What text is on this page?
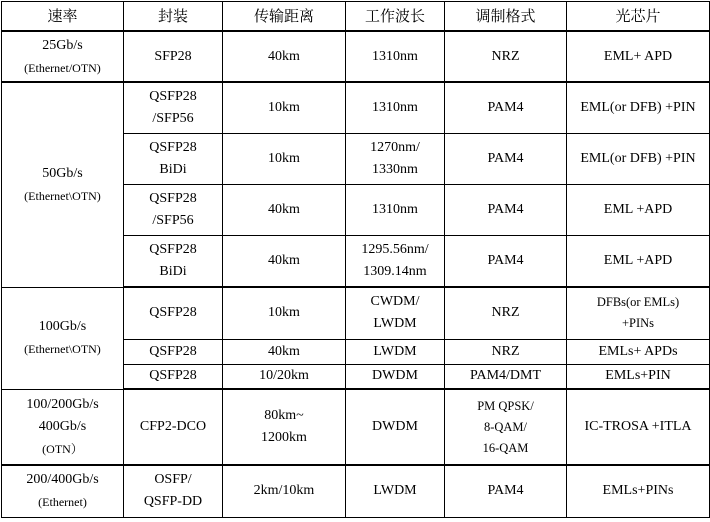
速率	封装	传输距离	工作波长	调制格式	光芯片

25Gb/s
(Ethernet/OTN)	SFP28	40km	1310nm	NRZ	EML+ APD

50Gb/s
(Ethernet\OTN)	QSFP28
/SFP56	10km	1310nm	PAM4	EML(or DFB) +PIN

	QSFP28
BiDi	10km	1270nm/
1330nm	PAM4	EML(or DFB) +PIN

	QSFP28
/SFP56	40km	1310nm	PAM4	EML +APD

	QSFP28
BiDi	40km	1295.56nm/
1309.14nm	PAM4	EML +APD

100Gb/s
(Ethernet\OTN)	QSFP28	10km	CWDM/
LWDM	NRZ	DFBs(or EMLs)
+PINs

	QSFP28	40km	LWDM	NRZ	EMLs+ APDs

	QSFP28	10/20km	DWDM	PAM4/DMT	EMLs+PIN

100/200Gb/s
400Gb/s
(OTN）	CFP2-DCO	80km~
1200km	DWDM	PM QPSK/
8-QAM/
16-QAM	IC-TROSA +ITLA

200/400Gb/s
(Ethernet)	OSFP/
QSFP-DD	2km/10km	LWDM	PAM4	EMLs+PINs
